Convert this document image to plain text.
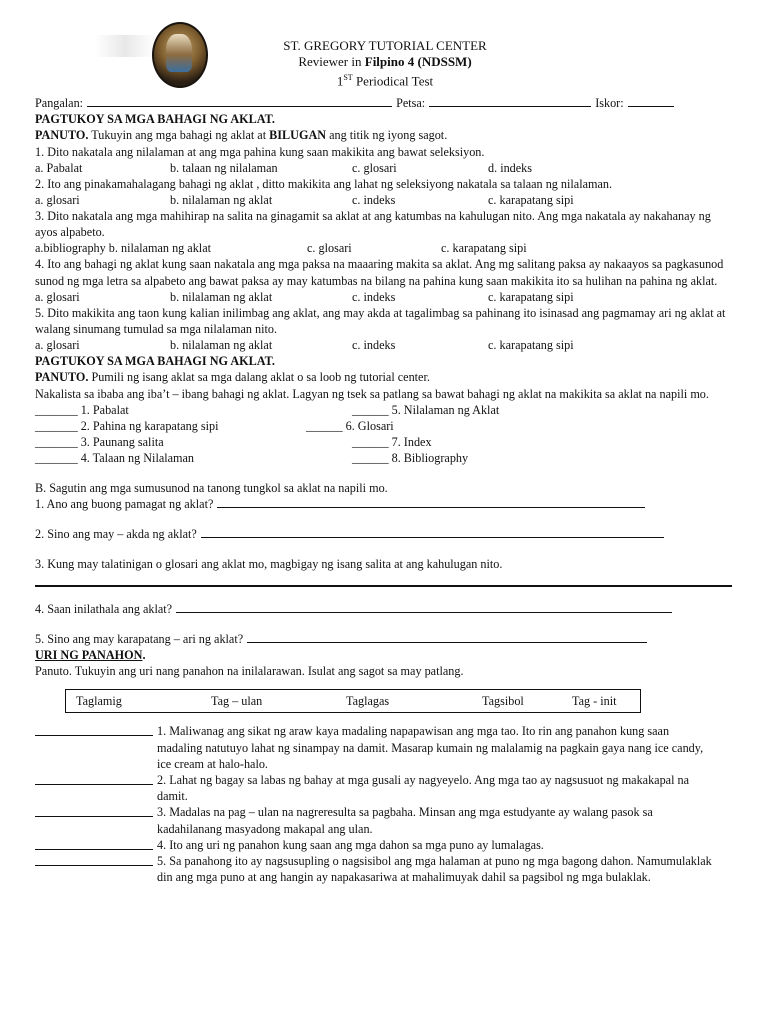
ST. GREGORY TUTORIAL CENTER
Reviewer in Filpino 4 (NDSSM)
1ST Periodical Test
Pangalan:	Petsa:	Iskor:

PAGTUKOY SA MGA BAHAGI NG AKLAT.

PANUTO. Tukuyin ang mga bahagi ng aklat at BILUGAN ang titik ng iyong sagot.

1. Dito nakatala ang nilalaman at ang mga pahina kung saan makikita ang bawat seleksiyon.

a. Pabalat	b. talaan ng nilalaman	c. glosari	d. indeks

2. Ito ang pinakamahalagang bahagi ng aklat , ditto makikita ang lahat ng seleksiyong nakatala sa talaan ng nilalaman.

a. glosari	b. nilalaman ng aklat	c. indeks	c. karapatang sipi

3. Dito nakatala ang mga mahihirap na salita na ginagamit sa aklat at ang katumbas na kahulugan nito. Ang mga nakatala ay nakahanay ng ayos alpabeto.

a.bibliography b. nilalaman ng aklat	c. glosari	c. karapatang sipi

4. Ito ang bahagi ng aklat kung saan nakatala ang mga paksa na maaaring makita sa aklat. Ang mg salitang paksa ay nakaayos sa pagkasunod sunod ng mga letra sa alpabeto ang bawat paksa ay may katumbas na bilang na pahina kung saan makikita ito sa hulihan na pahina ng aklat.

a. glosari	b. nilalaman ng aklat	c. indeks	c. karapatang sipi

5. Dito makikita ang taon kung kalian inilimbag ang aklat, ang may akda at tagalimbag sa pahinang ito isinasad ang pagmamay ari ng aklat at walang sinumang tumulad sa mga nilalaman nito.

a. glosari	b. nilalaman ng aklat	c. indeks	c. karapatang sipi

PAGTUKOY SA MGA BAHAGI NG AKLAT.

PANUTO. Pumili ng isang aklat sa mga dalang aklat o sa loob ng tutorial center.

Nakalista sa ibaba ang iba’t – ibang bahagi ng aklat. Lagyan ng tsek sa patlang sa bawat bahagi ng aklat na makikita sa aklat na napili mo.

_______ 1. Pabalat	______ 5. Nilalaman ng Aklat
_______ 2. Pahina ng karapatang sipi	______ 6. Glosari
_______ 3. Paunang salita	______ 7. Index
_______ 4. Talaan ng Nilalaman	______ 8. Bibliography

B. Sagutin ang mga sumusunod na tanong tungkol sa aklat na napili mo.

1. Ano ang buong pamagat ng aklat?
2. Sino ang may – akda ng aklat?

3. Kung may talatinigan o glosari ang aklat mo, magbigay ng isang salita at ang kahulugan nito.

4. Saan inilathala ang aklat?
5. Sino ang may karapatang – ari ng aklat?

URI NG PANAHON.

Panuto. Tukuyin ang uri nang panahon na inilalarawan. Isulat ang sagot sa may patlang.

Taglamig	Tag – ulan	Taglagas	Tagsibol	Tag - init
1. Maliwanag ang sikat ng araw kaya madaling napapawisan ang mga tao. Ito rin ang panahon kung saan madaling natutuyo lahat ng sinampay na damit. Masarap kumain ng malalamig na pagkain gaya nang ice candy, ice cream at halo-halo.
2. Lahat ng bagay sa labas ng bahay at mga gusali ay nagyeyelo. Ang mga tao ay nagsusuot ng makakapal na damit.
3. Madalas na pag – ulan na nagreresulta sa pagbaha. Minsan ang mga estudyante ay walang pasok sa kadahilanang masyadong makapal ang ulan.
4. Ito ang uri ng panahon kung saan ang mga dahon sa mga puno ay lumalagas.
5. Sa panahong ito ay nagsusupling o nagsisibol ang mga halaman at puno ng mga bagong dahon. Namumulaklak din ang mga puno at ang hangin ay napakasariwa at mahalimuyak dahil sa pagsibol ng mga bulaklak.
